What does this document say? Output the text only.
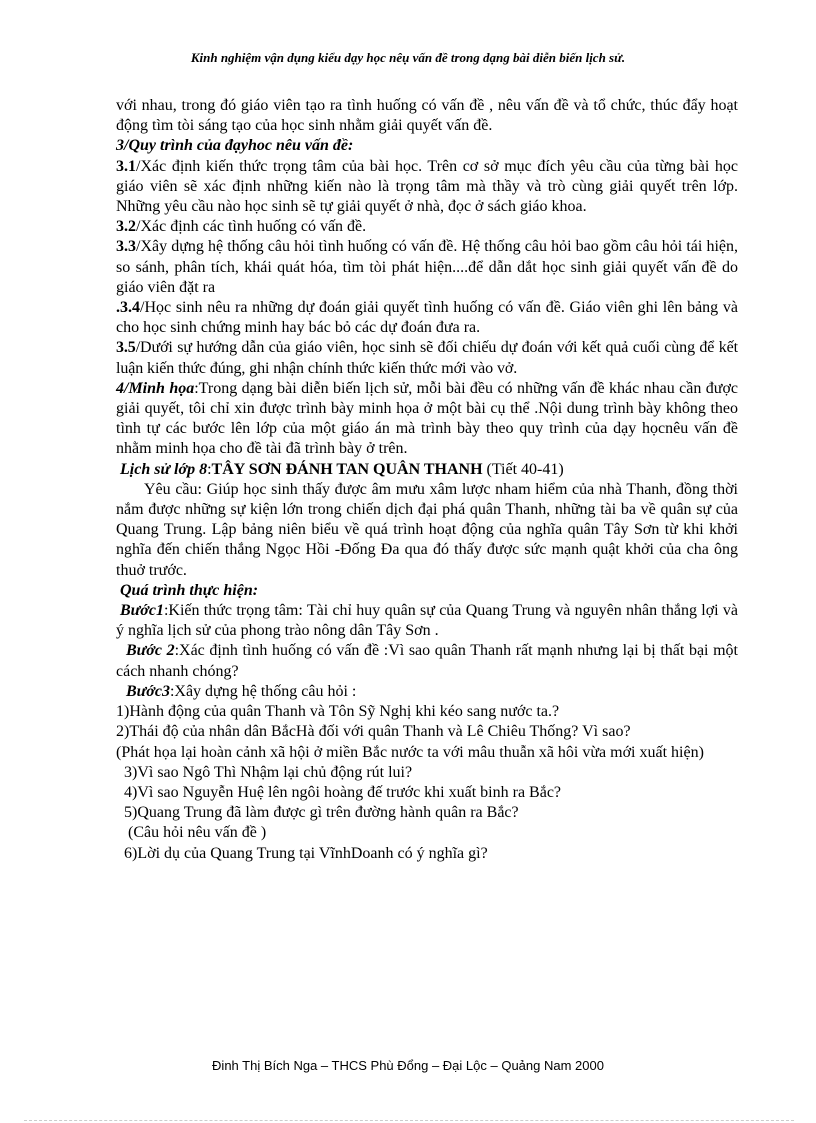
Kinh nghiệm vận dụng kiểu dạy học nêụ vấn đề trong dạng bài diễn biến lịch sử.

với nhau, trong đó giáo viên tạo ra tình huống có vấn đề , nêu vấn đề và tổ chức, thúc đẩy hoạt động tìm tòi sáng tạo của học sinh nhằm giải quyết vấn đề.

3/Quy trình của đạyhoc nêu vấn đề:

3.1/Xác định kiến thức trọng tâm của bài học. Trên cơ sở mục đích yêu cầu của từng bài học giáo viên sẽ xác định những kiến nào là trọng tâm mà thầy và trò cùng giải quyết trên lớp. Những yêu cầu nào học sinh sẽ tự giải quyết ở nhà, đọc ở sách giáo khoa.

3.2/Xác định các tình huống có vấn đề.

3.3/Xây dựng hệ thống câu hỏi tình huống có vấn đề. Hệ thống câu hỏi bao gồm câu hỏi tái hiện, so sánh, phân tích, khái quát hóa, tìm tòi phát hiện....để dẫn dắt học sinh giải quyết vấn đề do giáo viên đặt ra

.3.4/Học sinh nêu ra những dự đoán giải quyết tình huống có vấn đề. Giáo viên ghi lên bảng và cho học sinh chứng minh hay bác bỏ các dự đoán đưa ra.

3.5/Dưới sự hướng dẫn của giáo viên, học sinh sẽ đối chiếu dự đoán với kết quả cuối cùng để kết luận kiến thức đúng, ghi nhận chính thức kiến thức mới vào vở.

4/Minh họa:Trong dạng bài diễn biến lịch sử, mỗi bài đều có những vấn đề khác nhau cần được giải quyết, tôi chỉ xin được trình bày minh họa ở một bài cụ thể .Nội dung trình bày không theo tình tự các bước lên lớp của một giáo án mà trình bày theo quy trình của dạy họcnêu vấn đề nhằm minh họa cho đề tài đã trình bày ở trên.

Lịch sử lớp 8:TÂY SƠN ĐÁNH TAN QUÂN THANH (Tiết 40-41)

Yêu cầu: Giúp học sinh thấy được âm mưu xâm lược nham hiểm của nhà Thanh, đồng thời nắm được những sự kiện lớn trong chiến dịch đại phá quân Thanh, những tài ba về quân sự của Quang Trung. Lập bảng niên biểu về quá trình hoạt động của nghĩa quân Tây Sơn từ khi khởi nghĩa đến chiến thắng Ngọc Hồi -Đống Đa qua đó thấy được sức mạnh quật khởi của cha ông thuở trước.

Quá trình thực hiện:

Bước1:Kiến thức trọng tâm: Tài chỉ huy quân sự của Quang Trung và nguyên nhân thắng lợi và ý nghĩa lịch sử của phong trào nông dân Tây Sơn .

Bước 2:Xác định tình huống có vấn đề :Vì sao quân Thanh rất mạnh nhưng lại bị thất bại một cách nhanh chóng?

Bước3:Xây dựng hệ thống câu hỏi :

1)Hành động của quân Thanh và Tôn Sỹ Nghị khi kéo sang nước ta.?

2)Thái độ của nhân dân BắcHà đối với quân Thanh và Lê Chiêu Thống? Vì sao?

(Phát họa lại hoàn cảnh xã hội ở miền Bắc nước ta với mâu thuẫn xã hôi vừa mới xuất hiện)

3)Vì sao Ngô Thì Nhậm lại chủ động rút lui?

4)Vì sao Nguyễn Huệ lên ngôi hoàng đế trước khi xuất binh ra Bắc?

5)Quang Trung đã làm được gì trên đường hành quân ra Bắc?

(Câu hỏi nêu vấn đề )

6)Lời dụ của Quang Trung tại VĩnhDoanh có ý nghĩa gì?

Đinh Thị Bích Nga – THCS Phù Đổng – Đại Lộc – Quảng Nam 2000
